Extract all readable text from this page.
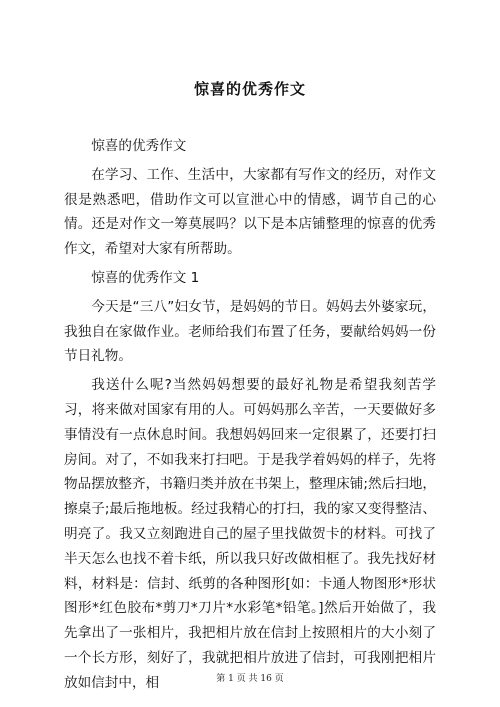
惊喜的优秀作文

惊喜的优秀作文

在学习、工作、生活中，大家都有写作文的经历，对作文很是熟悉吧，借助作文可以宣泄心中的情感，调节自己的心情。还是对作文一筹莫展吗？以下是本店铺整理的惊喜的优秀作文，希望对大家有所帮助。

惊喜的优秀作文 1

今天是“三八”妇女节，是妈妈的节日。妈妈去外婆家玩，我独自在家做作业。老师给我们布置了任务，要献给妈妈一份节日礼物。

我送什么呢?当然妈妈想要的最好礼物是希望我刻苦学习，将来做对国家有用的人。可妈妈那么辛苦，一天要做好多事情没有一点休息时间。我想妈妈回来一定很累了，还要打扫房间。对了，不如我来打扫吧。于是我学着妈妈的样子，先将物品摆放整齐，书籍归类并放在书架上，整理床铺;然后扫地，擦桌子;最后拖地板。经过我精心的打扫，我的家又变得整洁、明亮了。我又立刻跑进自己的屋子里找做贺卡的材料。可找了半天怎么也找不着卡纸，所以我只好改做相框了。我先找好材料，材料是：信封、纸剪的各种图形[如：卡通人物图形*形状图形*红色胶布*剪刀*刀片*水彩笔*铅笔。]然后开始做了，我先拿出了一张相片，我把相片放在信封上按照相片的大小刻了一个长方形，刻好了，我就把相片放进了信封，可我刚把相片放如信封中，相	第 1 页 共 16 页
